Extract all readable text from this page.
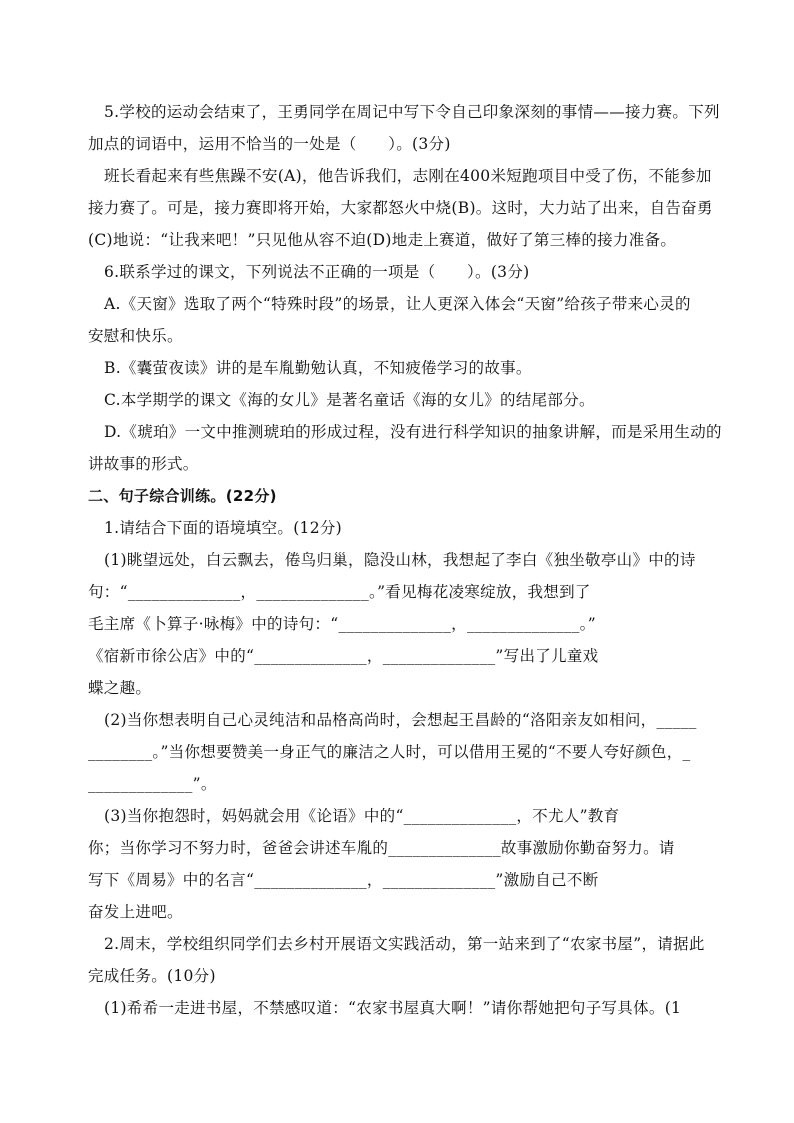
5.学校的运动会结束了，王勇同学在周记中写下令自己印象深刻的事情——接力赛。下列
加点的词语中，运用不恰当的一处是（　　）。(3分)
班长看起来有些焦躁不安(A)，他告诉我们，志刚在400米短跑项目中受了伤，不能参加
接力赛了。可是，接力赛即将开始，大家都怒火中烧(B)。这时，大力站了出来，自告奋勇
(C)地说：“让我来吧！”只见他从容不迫(D)地走上赛道，做好了第三棒的接力准备。
6.联系学过的课文，下列说法不正确的一项是（　　）。(3分)
A.《天窗》选取了两个“特殊时段”的场景，让人更深入体会“天窗”给孩子带来心灵的
安慰和快乐。
B.《囊萤夜读》讲的是车胤勤勉认真，不知疲倦学习的故事。
C.本学期学的课文《海的女儿》是著名童话《海的女儿》的结尾部分。
D.《琥珀》一文中推测琥珀的形成过程，没有进行科学知识的抽象讲解，而是采用生动的
讲故事的形式。
二、句子综合训练。(22分)
1.请结合下面的语境填空。(12分)
(1)眺望远处，白云飘去，倦鸟归巢，隐没山林，我想起了李白《独坐敬亭山》中的诗
句：“______________，______________。”看见梅花凌寒绽放，我想到了
毛主席《卜算子·咏梅》中的诗句：“______________，______________。”
《宿新市徐公店》中的“______________，______________”写出了儿童戏
蝶之趣。
(2)当你想表明自己心灵纯洁和品格高尚时，会想起王昌龄的“洛阳亲友如相问，_____
________。”当你想要赞美一身正气的廉洁之人时，可以借用王冕的“不要人夸好颜色，_
_____________”。
(3)当你抱怨时，妈妈就会用《论语》中的“______________，不尤人”教育
你；当你学习不努力时，爸爸会讲述车胤的______________故事激励你勤奋努力。请
写下《周易》中的名言“______________，______________”激励自己不断
奋发上进吧。
2.周末，学校组织同学们去乡村开展语文实践活动，第一站来到了“农家书屋”，请据此
完成任务。(10分)
(1)希希一走进书屋，不禁感叹道：“农家书屋真大啊！”请你帮她把句子写具体。(1
